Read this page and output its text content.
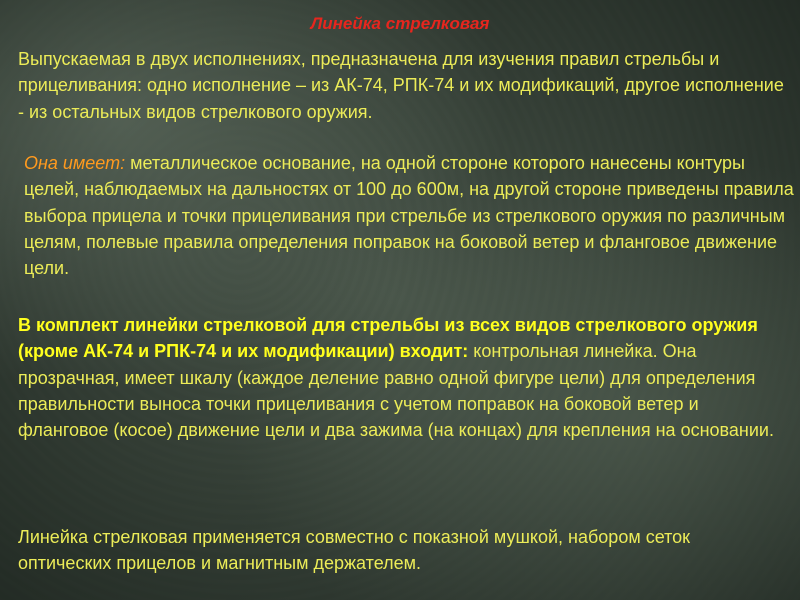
Линейка стрелковая

Выпускаемая в двух исполнениях, предназначена для изучения правил стрельбы и прицеливания: одно исполнение – из АК-74, РПК-74 и их модификаций, другое исполнение - из остальных видов стрелкового оружия.

Она имеет: металлическое основание, на одной стороне которого нанесены контуры целей, наблюдаемых на дальностях от 100 до 600м, на другой стороне приведены правила выбора прицела и точки прицеливания при стрельбе из стрелкового оружия по различным целям, полевые правила определения поправок на боковой ветер и фланговое движение цели.

В комплект линейки стрелковой для стрельбы из всех видов стрелкового оружия (кроме АК-74 и РПК-74 и их модификации) входит: контрольная линейка. Она прозрачная, имеет шкалу (каждое деление равно одной фигуре цели) для определения правильности выноса точки прицеливания с учетом поправок на боковой ветер и фланговое (косое) движение цели и два зажима (на концах) для крепления на основании.

Линейка стрелковая применяется совместно с показной мушкой, набором сеток оптических прицелов и магнитным держателем.
